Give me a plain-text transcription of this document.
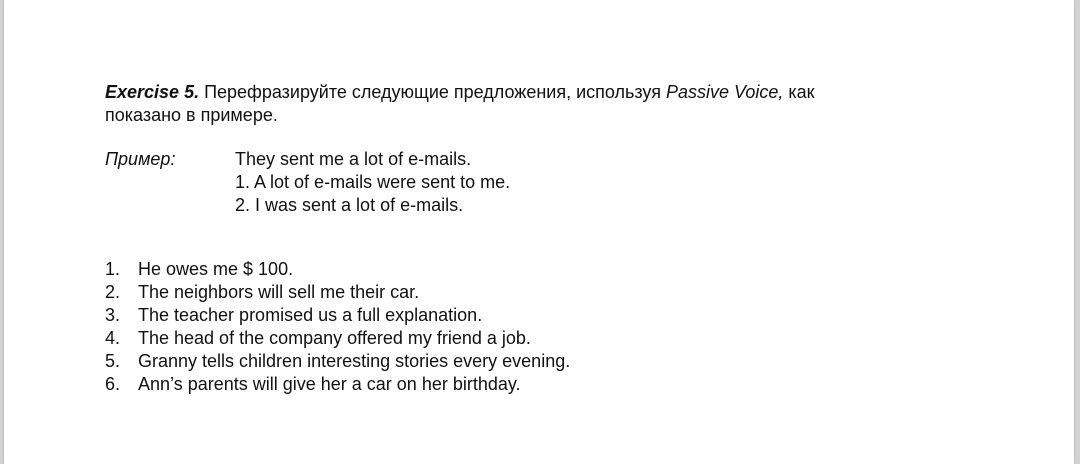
Exercise 5. Перефразируйте следующие предложения, используя Passive Voice, как
показано в примере.
Пример:	They sent me a lot of e-mails.
1. A lot of e-mails were sent to me.
2. I was sent a lot of e-mails.
1. He owes me $ 100.
2. The neighbors will sell me their car.
3. The teacher promised us a full explanation.
4. The head of the company offered my friend a job.
5. Granny tells children interesting stories every evening.
6. Ann’s parents will give her a car on her birthday.
